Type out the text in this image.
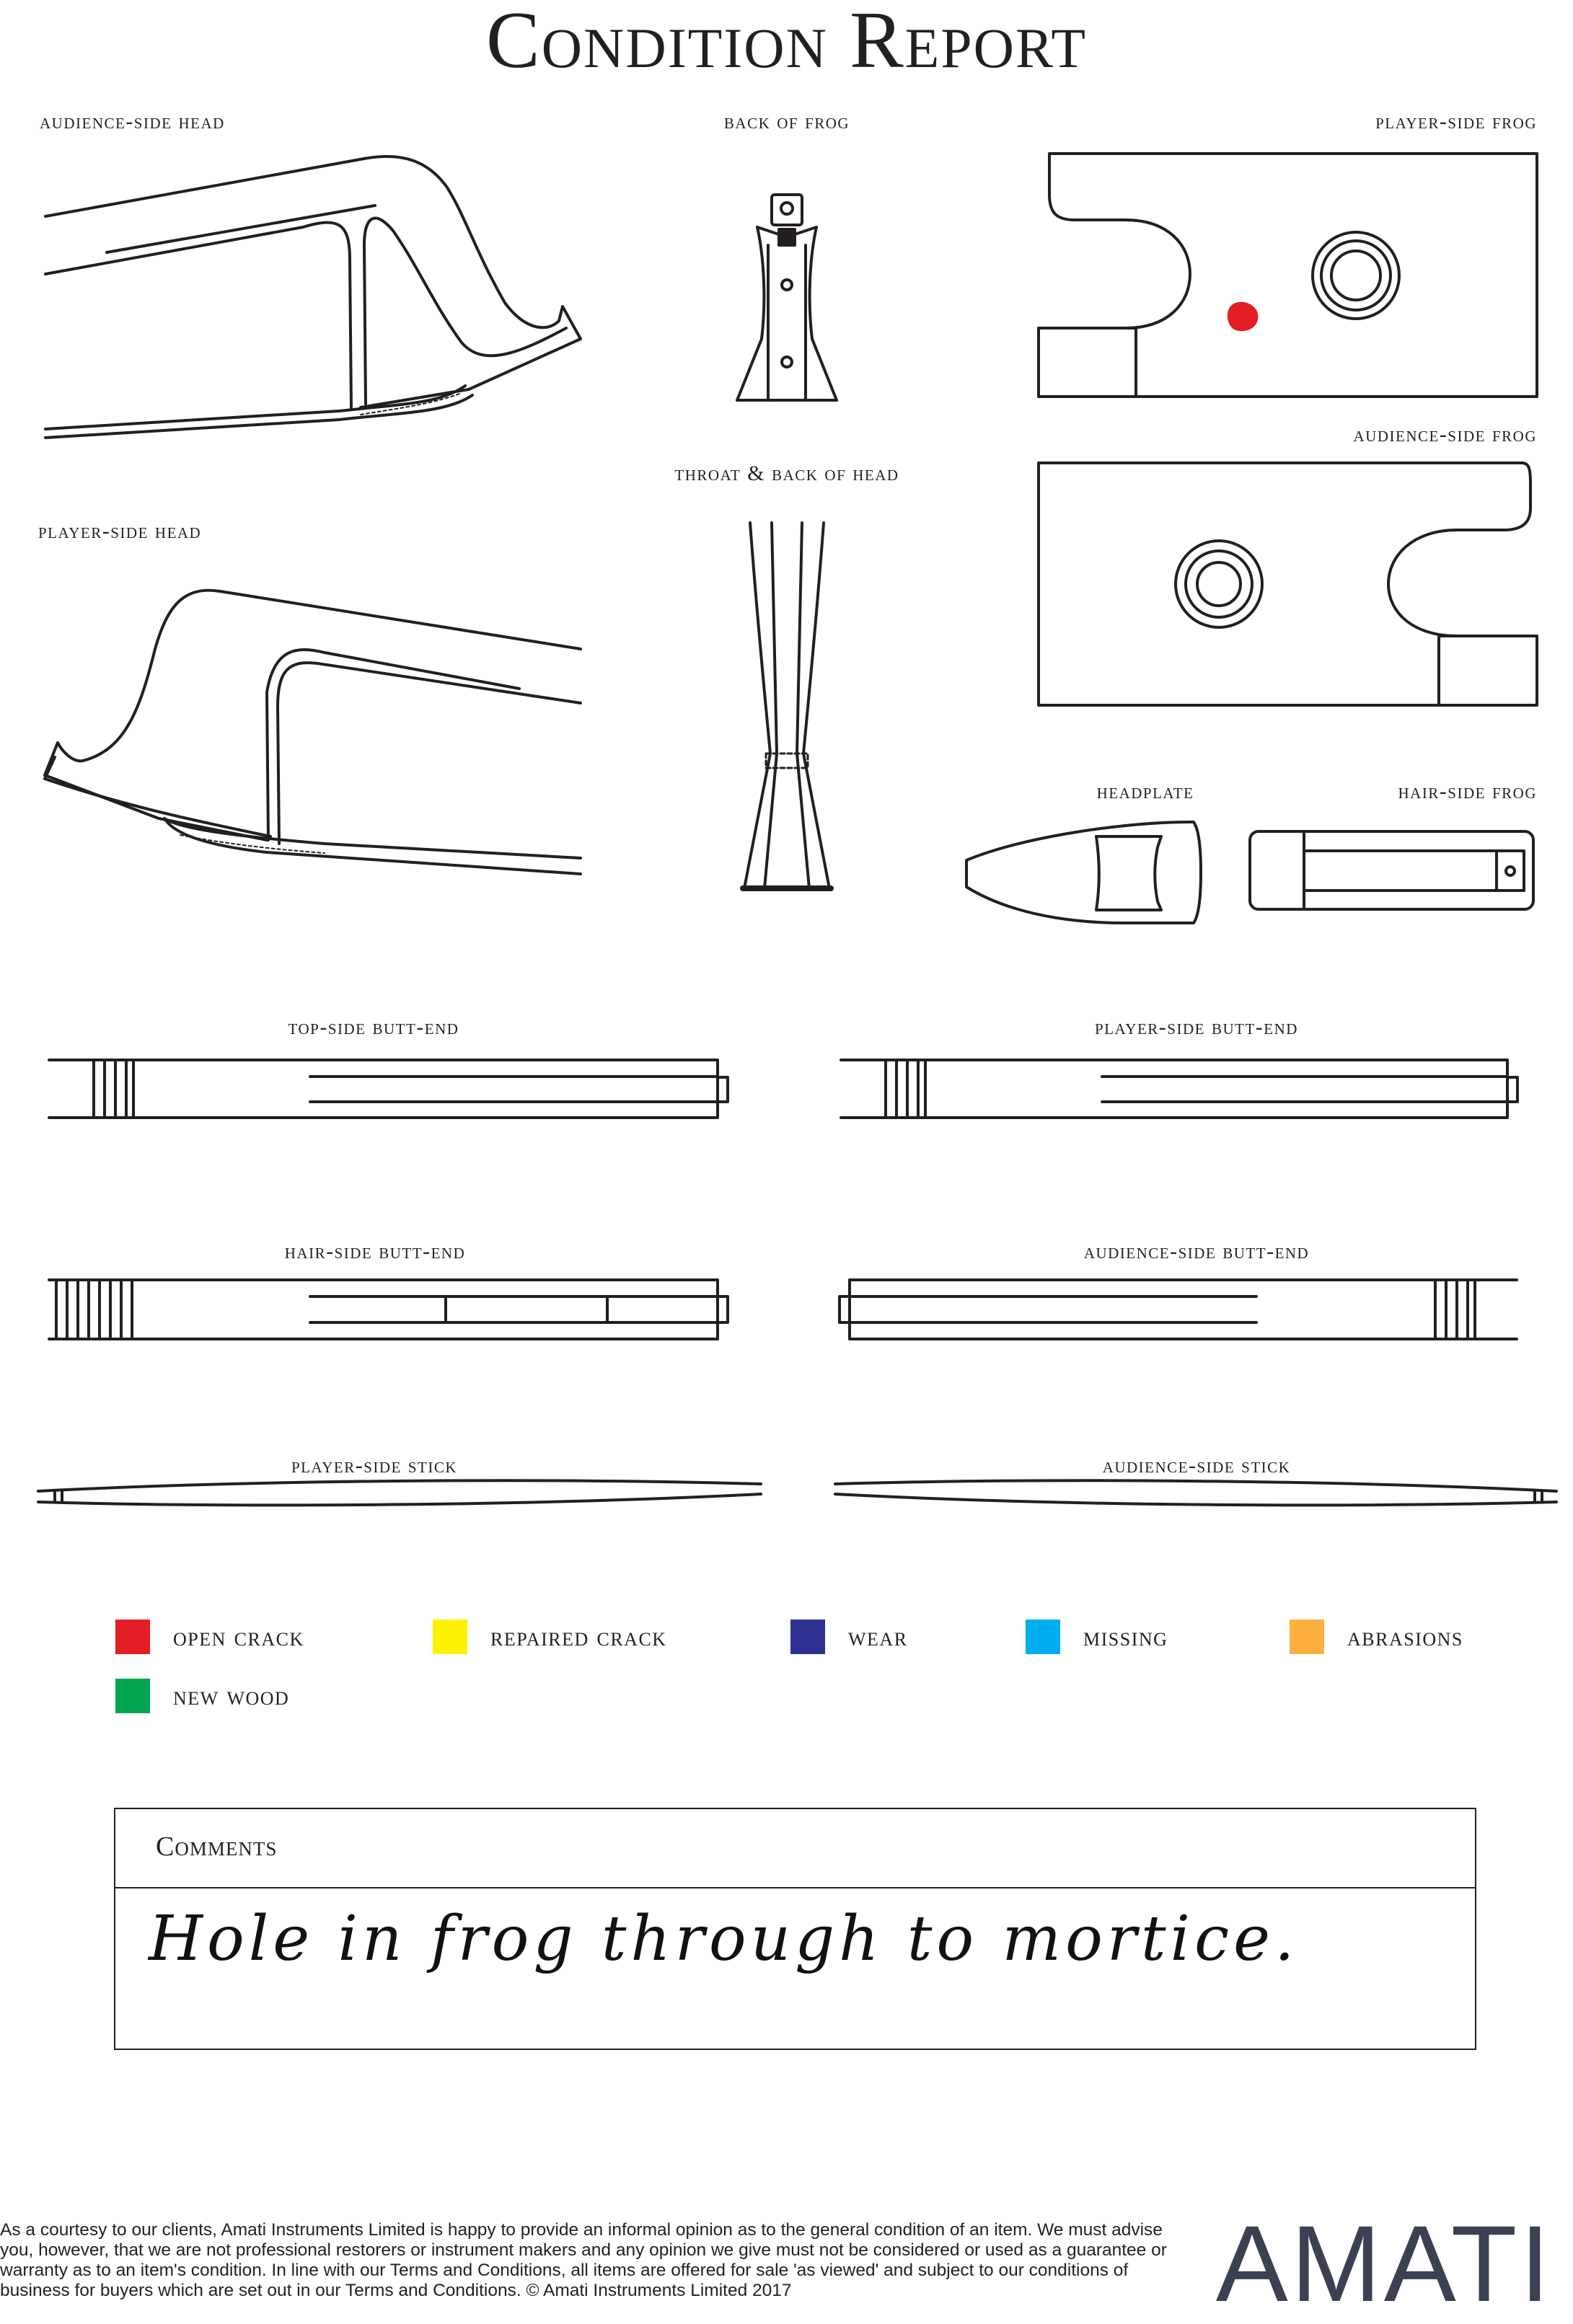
Condition Report
audience-side head	back of frog	player-side frog
throat & back of head
audience-side frog
player-side head
headplate	hair-side frog
top-side butt-end	player-side butt-end
hair-side butt-end	audience-side butt-end
player-side stick	audience-side stick
open crack	repaired crack	wear	missing	abrasions
new wood
Comments
Hole in frog through to mortice.
As a courtesy to our clients, Amati Instruments Limited is happy to provide an informal opinion as to the general condition of an item. We must advise you, however, that we are not professional restorers or instrument makers and any opinion we give must not be considered or used as a guarantee or warranty as to an item's condition. In line with our Terms and Conditions, all items are offered for sale 'as viewed' and subject to our conditions of business for buyers which are set out in our Terms and Conditions. © Amati Instruments Limited 2017	AMATI
